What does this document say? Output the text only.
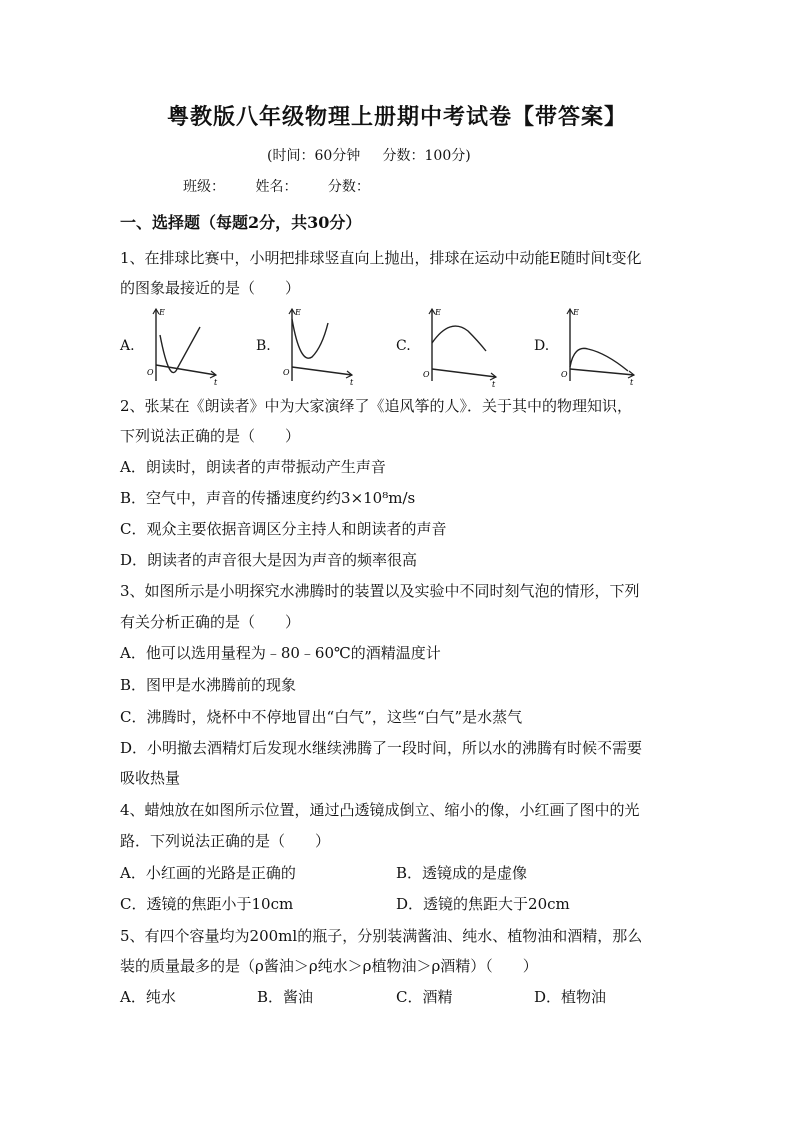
粤教版八年级物理上册期中考试卷【带答案】
(时间：60分钟     分数：100分)
班级： 姓名： 分数：
一、选择题（每题2分，共30分）
1、在排球比赛中，小明把排球竖直向上抛出，排球在运动中动能E随时间t变化
的图象最接近的是（　　）
A.
E
t
O
B.
E
t
O
C.
E
t
O
D.
E
t
O
2、张某在《朗读者》中为大家演绎了《追风筝的人》．关于其中的物理知识，
下列说法正确的是（　　）
A．朗读时，朗读者的声带振动产生声音
B．空气中，声音的传播速度约约3×10⁸m/s
C．观众主要依据音调区分主持人和朗读者的声音
D．朗读者的声音很大是因为声音的频率很高
3、如图所示是小明探究水沸腾时的装置以及实验中不同时刻气泡的情形，下列
有关分析正确的是（　　）
A．他可以选用量程为﹣80﹣60℃的酒精温度计
B．图甲是水沸腾前的现象
C．沸腾时，烧杯中不停地冒出“白气”，这些“白气”是水蒸气
D．小明撤去酒精灯后发现水继续沸腾了一段时间，所以水的沸腾有时候不需要
吸收热量
4、蜡烛放在如图所示位置，通过凸透镜成倒立、缩小的像，小红画了图中的光
路．下列说法正确的是（　　）
A．小红画的光路是正确的	B．透镜成的是虚像
C．透镜的焦距小于10cm	D．透镜的焦距大于20cm
5、有四个容量均为200ml的瓶子，分别装满酱油、纯水、植物油和酒精，那么
装的质量最多的是（ρ酱油＞ρ纯水＞ρ植物油＞ρ酒精）（　　）
A．纯水	B．酱油	C．酒精	D．植物油
